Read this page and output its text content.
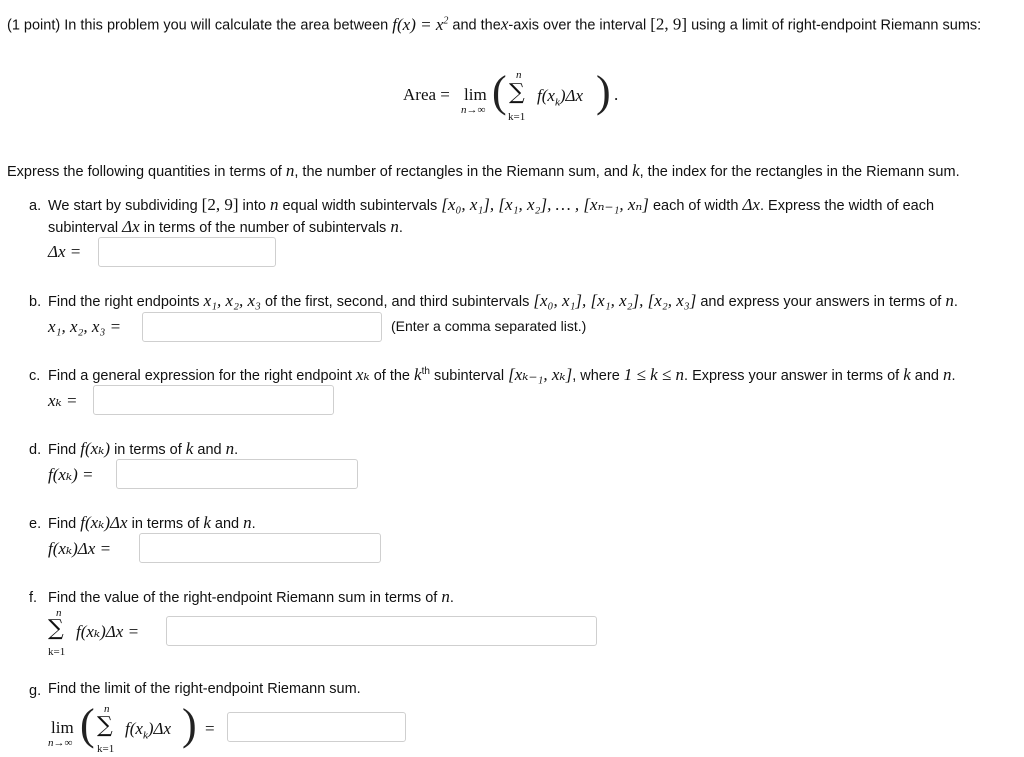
(1 point) In this problem you will calculate the area between $f(x) = x^2$ and thex-axis over the interval [2, 9] using a limit of right-endpoint Riemann sums:
Area = lim
n→∞ ( n
∑
k=1
$f(x_k)\Delta x$ ) .
Express the following quantities in terms of n, the number of rectangles in the Riemann sum, and k, the index for the rectangles in the Riemann sum.
a. We start by subdividing [2, 9] into n equal width subintervals [x₀, x₁], [x₁, x₂], … , [xₙ₋₁, xₙ] each of width Δx. Express the width of each
subinterval Δx in terms of the number of subintervals n.
Δx =
b. Find the right endpoints x₁, x₂, x₃ of the first, second, and third subintervals [x₀, x₁], [x₁, x₂], [x₂, x₃] and express your answers in terms of n.
x₁, x₂, x₃ =	(Enter a comma separated list.)
c. Find a general expression for the right endpoint xₖ of the $k^{th}$ subinterval [xₖ₋₁, xₖ], where 1 ≤ k ≤ n. Express your answer in terms of k and n.
xₖ =
d. Find f(xₖ) in terms of k and n.
f(xₖ) =
e. Find f(xₖ)Δx in terms of k and n.
f(xₖ)Δx =
f. Find the value of the right-endpoint Riemann sum in terms of n.
n
∑
k=1
f(xₖ)Δx =
g. Find the limit of the right-endpoint Riemann sum.
lim
n→∞ ( n
∑
k=1
$f(x_k)\Delta x$ ) =
